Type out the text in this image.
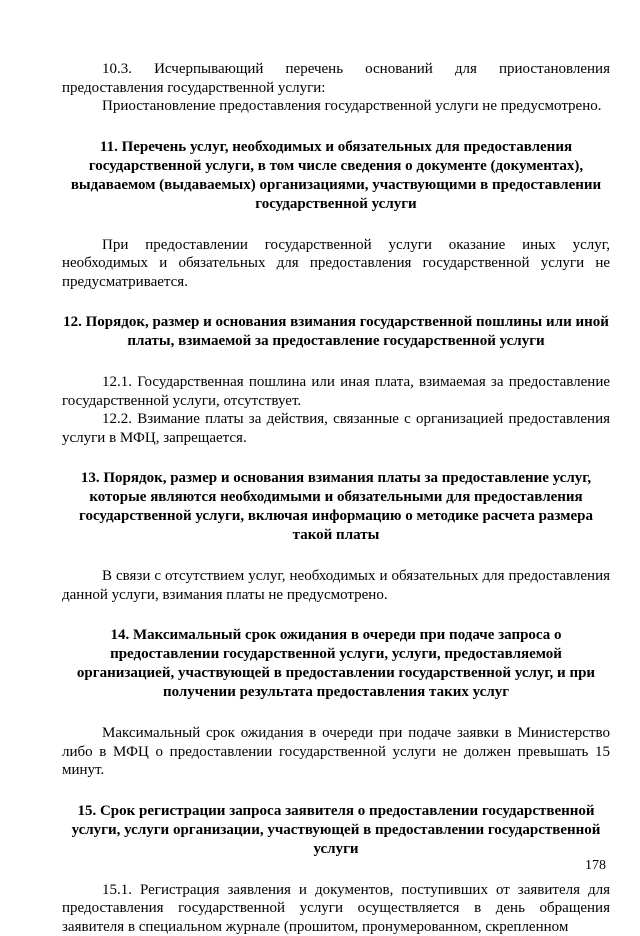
10.3. Исчерпывающий перечень оснований для приостановления предоставления государственной услуги:

Приостановление предоставления государственной услуги не предусмотрено.

11. Перечень услуг, необходимых и обязательных для предоставления государственной услуги, в том числе сведения о документе (документах), выдаваемом (выдаваемых) организациями, участвующими в предоставлении государственной услуги

При предоставлении государственной услуги оказание иных услуг, необходимых и обязательных для предоставления государственной услуги не предусматривается.

12. Порядок, размер и основания взимания государственной пошлины или иной платы, взимаемой за предоставление государственной услуги

12.1. Государственная пошлина или иная плата, взимаемая за предоставление государственной услуги, отсутствует.

12.2. Взимание платы за действия, связанные с организацией предоставления услуги в МФЦ, запрещается.

13. Порядок, размер и основания взимания платы за предоставление услуг, которые являются необходимыми и обязательными для предоставления государственной услуги, включая информацию о методике расчета размера такой платы

В связи с отсутствием услуг, необходимых и обязательных для предоставления данной услуги, взимания платы не предусмотрено.

14. Максимальный срок ожидания в очереди при подаче запроса о предоставлении государственной услуги, услуги, предоставляемой организацией, участвующей в предоставлении государственной услуг, и при получении результата предоставления таких услуг

Максимальный срок ожидания в очереди при подаче заявки в Министерство либо в МФЦ о предоставлении государственной услуги не должен превышать 15 минут.

15. Срок регистрации запроса заявителя о предоставлении государственной услуги, услуги организации, участвующей в предоставлении государственной услуги

15.1. Регистрация заявления и документов, поступивших от заявителя для предоставления государственной услуги осуществляется в день обращения заявителя в специальном журнале (прошитом, пронумерованном, скрепленном

178
